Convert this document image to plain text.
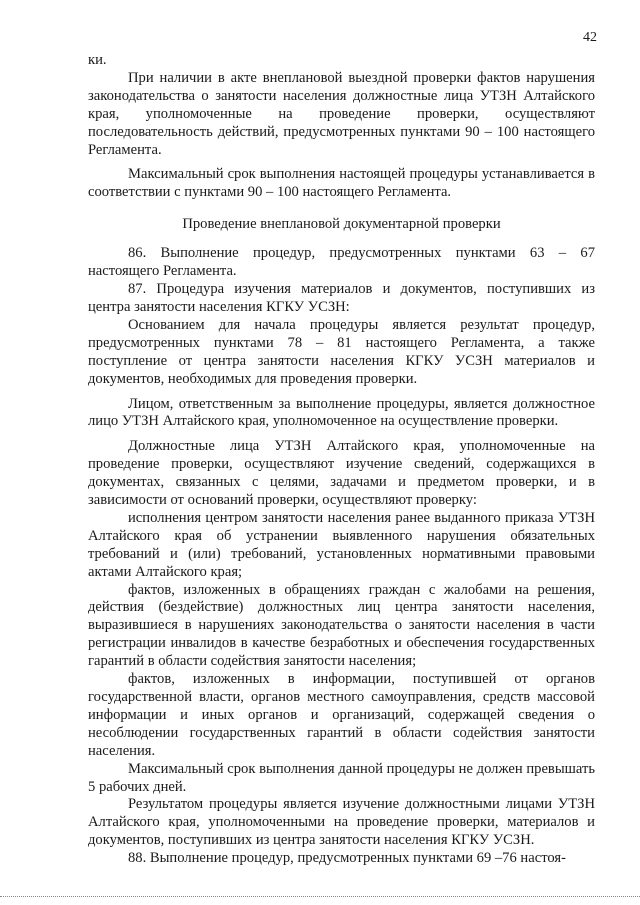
42

ки.

При наличии в акте внеплановой выездной проверки фактов нарушения законодательства о занятости населения должностные лица УТЗН Алтайского края, уполномоченные на проведение проверки, осуществляют последовательность действий, предусмотренных пунктами 90 – 100 настоящего Регламента.

Максимальный срок выполнения настоящей процедуры устанавливается в соответствии с пунктами 90 – 100 настоящего Регламента.

Проведение внеплановой документарной проверки

86. Выполнение процедур, предусмотренных пунктами 63 – 67 настоящего Регламента.

87. Процедура изучения материалов и документов, поступивших из центра занятости населения КГКУ УСЗН:

Основанием для начала процедуры является результат процедур, предусмотренных пунктами 78 – 81 настоящего Регламента, а также поступление от центра занятости населения КГКУ УСЗН материалов и документов, необходимых для проведения проверки.

Лицом, ответственным за выполнение процедуры, является должностное лицо УТЗН Алтайского края, уполномоченное на осуществление проверки.

Должностные лица УТЗН Алтайского края, уполномоченные на проведение проверки, осуществляют изучение сведений, содержащихся в документах, связанных с целями, задачами и предметом проверки, и в зависимости от оснований проверки, осуществляют проверку:

исполнения центром занятости населения ранее выданного приказа УТЗН Алтайского края об устранении выявленного нарушения обязательных требований и (или) требований, установленных нормативными правовыми актами Алтайского края;

фактов, изложенных в обращениях граждан с жалобами на решения, действия (бездействие) должностных лиц центра занятости населения, выразившиеся в нарушениях законодательства о занятости населения в части регистрации инвалидов в качестве безработных и обеспечения государственных гарантий в области содействия занятости населения;

фактов, изложенных в информации, поступившей от органов государственной власти, органов местного самоуправления, средств массовой информации и иных органов и организаций, содержащей сведения о несоблюдении государственных гарантий в области содействия занятости населения.

Максимальный срок выполнения данной процедуры не должен превышать 5 рабочих дней.

Результатом процедуры является изучение должностными лицами УТЗН Алтайского края, уполномоченными на проведение проверки, материалов и документов, поступивших из центра занятости населения КГКУ УСЗН.

88. Выполнение процедур, предусмотренных пунктами 69 –76 настоя-
